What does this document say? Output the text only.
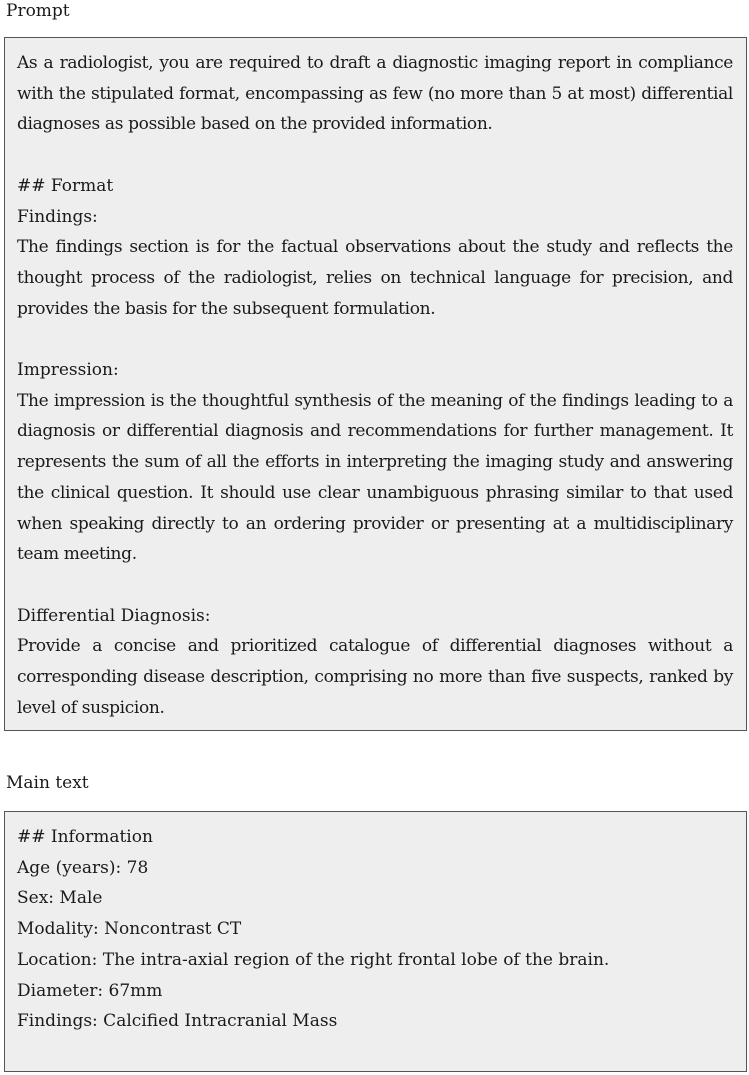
Prompt

As a radiologist, you are required to draft a diagnostic imaging report in compliance with the stipulated format, encompassing as few (no more than 5 at most) differential diagnoses as possible based on the provided information.

## Format

Findings:

The findings section is for the factual observations about the study and reflects the thought process of the radiologist, relies on technical language for precision, and provides the basis for the subsequent formulation.

Impression:

The impression is the thoughtful synthesis of the meaning of the findings leading to a diagnosis or differential diagnosis and recommendations for further management. It represents the sum of all the efforts in interpreting the imaging study and answering the clinical question. It should use clear unambiguous phrasing similar to that used when speaking directly to an ordering provider or presenting at a multidisciplinary team meeting.

Differential Diagnosis:

Provide a concise and prioritized catalogue of differential diagnoses without a corresponding disease description, comprising no more than five suspects, ranked by level of suspicion.

Main text

## Information

Age (years): 78

Sex: Male

Modality: Noncontrast CT

Location: The intra-axial region of the right frontal lobe of the brain.

Diameter: 67mm

Findings: Calcified Intracranial Mass
